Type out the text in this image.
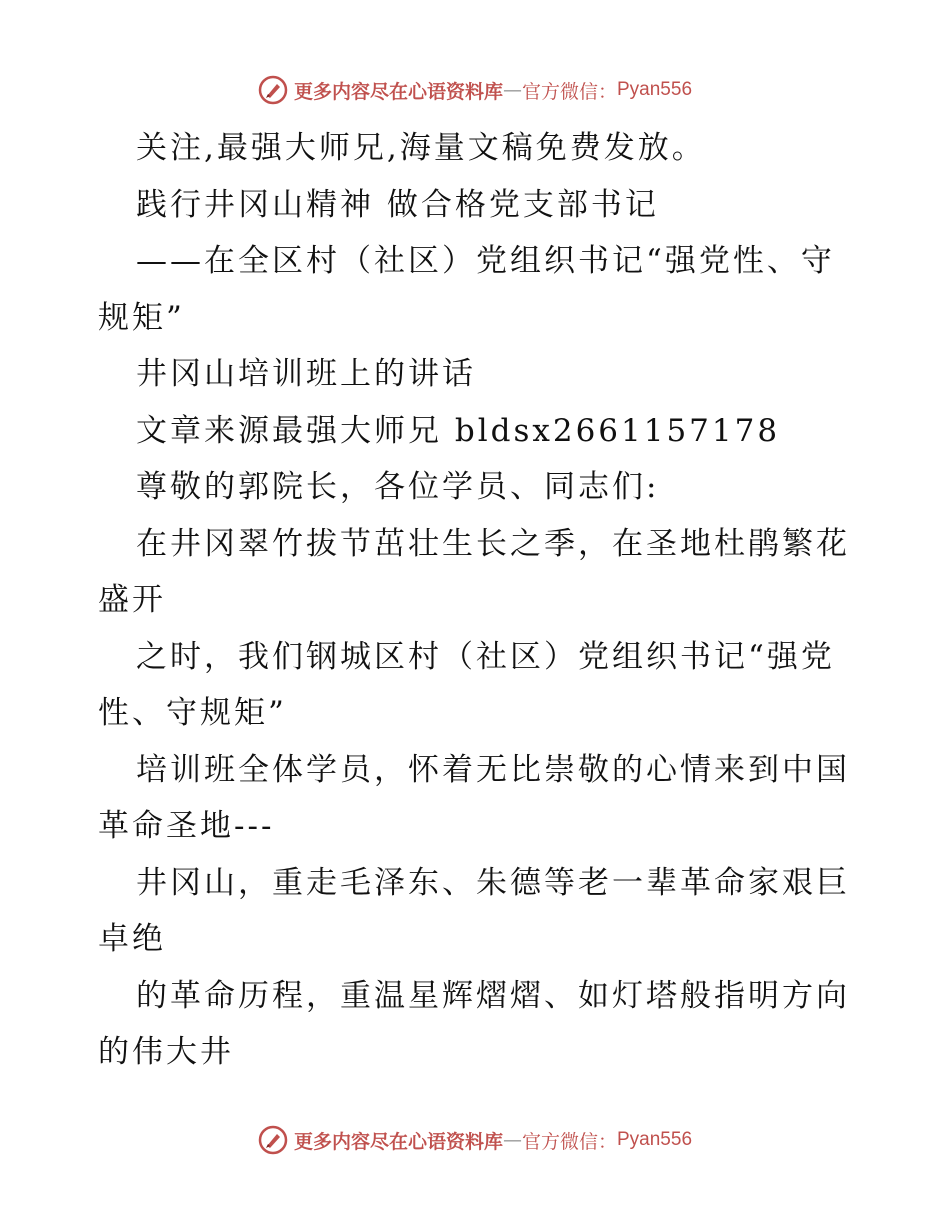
更多内容尽在心语资料库 — 官方微信： Pyan556
关注,最强大师兄,海量文稿免费发放。
践行井冈山精神 做合格党支部书记
——在全区村（社区）党组织书记“强党性、守
规矩”
井冈山培训班上的讲话
文章来源最强大师兄 bldsx2661157178
尊敬的郭院长，各位学员、同志们:
在井冈翠竹拔节茁壮生长之季，在圣地杜鹃繁花
盛开
之时，我们钢城区村（社区）党组织书记“强党
性、守规矩”
培训班全体学员，怀着无比崇敬的心情来到中国
革命圣地---
井冈山，重走毛泽东、朱德等老一辈革命家艰巨
卓绝
的革命历程，重温星辉熠熠、如灯塔般指明方向
的伟大井
更多内容尽在心语资料库 — 官方微信： Pyan556
